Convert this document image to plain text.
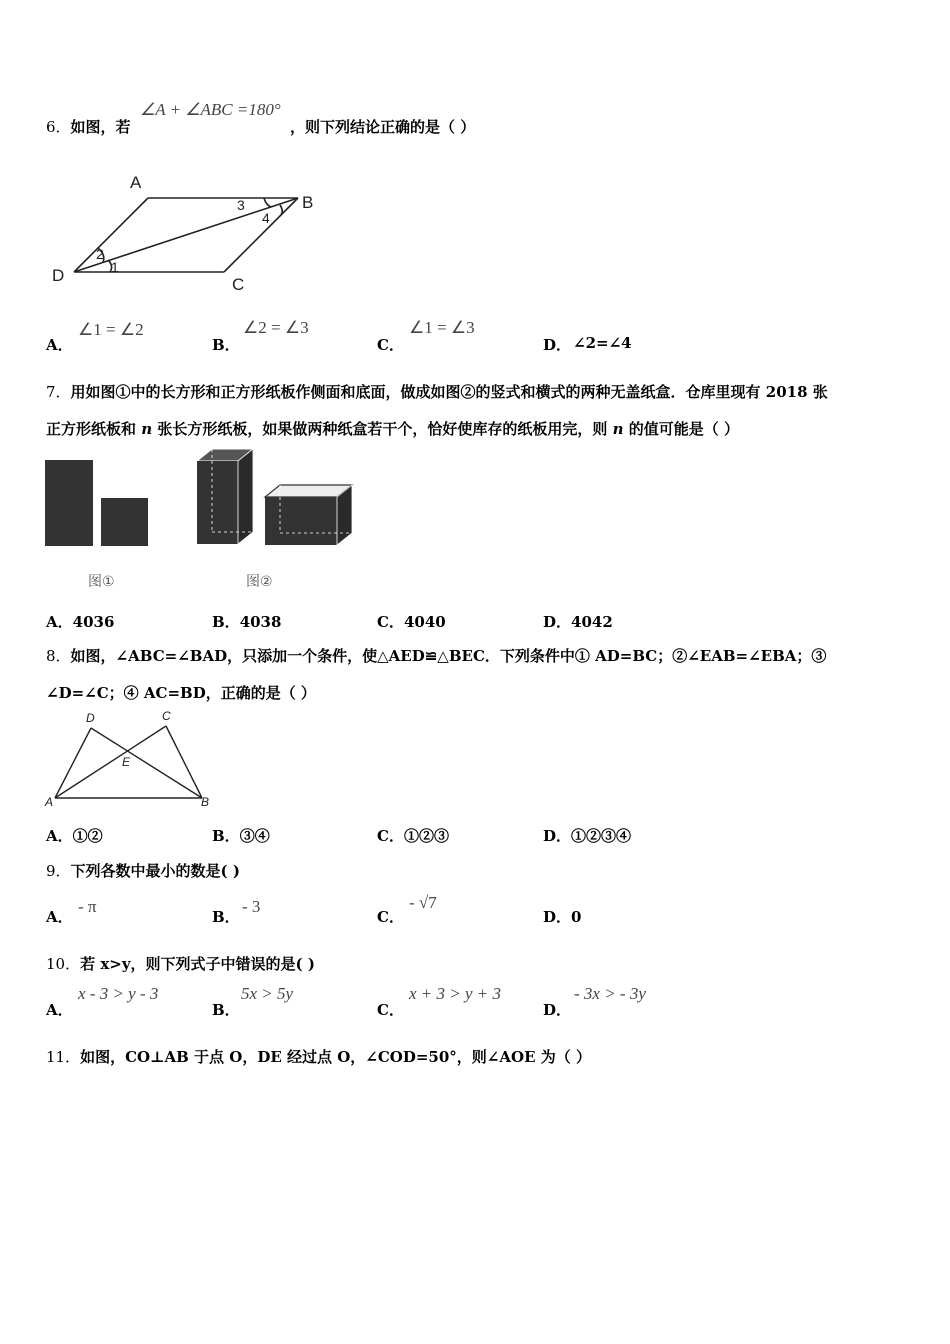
6．如图，若
∠A + ∠ABC =180°
，则下列结论正确的是（ ）
A
B
C
D	1
2
3
4
A．
∠1 = ∠2
B．
∠2 = ∠3
C．
∠1 = ∠3
D． ∠2=∠4
7．用如图①中的长方形和正方形纸板作侧面和底面，做成如图②的竖式和横式的两种无盖纸盒．仓库里现有 2018 张
正方形纸板和 n 张长方形纸板，如果做两种纸盒若干个，恰好使库存的纸板用完，则 n 的值可能是（ ）
图①	图②
A．4036	B．4038	C．4040	D．4042
8．如图，∠ABC=∠BAD，只添加一个条件，使△AED≌△BEC．下列条件中① AD=BC；②∠EAB=∠EBA；③
∠D=∠C；④ AC=BD，正确的是（ ）
D	C
E
A	B
A．①②	B．③④	C．①②③	D．①②③④
9．下列各数中最小的数是( )
A．
- π
B．
- 3
C．
- √7
D．0
10．若 x>y，则下列式子中错误的是( )
A．
x - 3 > y - 3
B．
5x > 5y
C．
x + 3 > y + 3
D．
- 3x > - 3y
11．如图，CO⊥AB 于点 O，DE 经过点 O，∠COD=50°，则∠AOE 为（ ）
